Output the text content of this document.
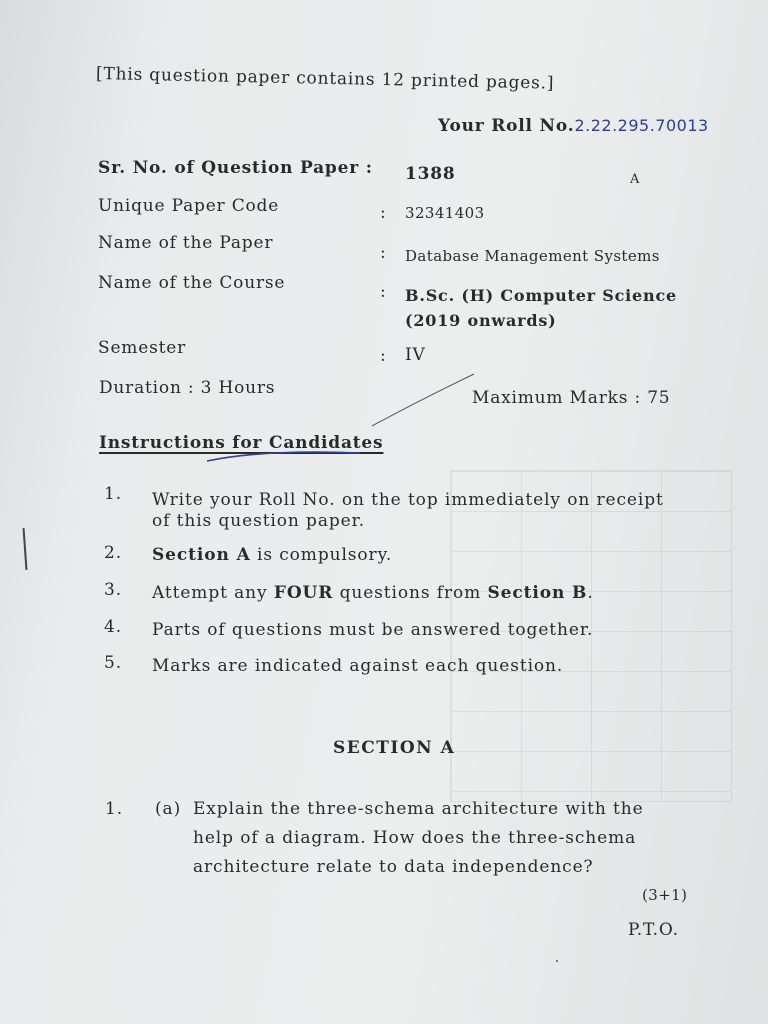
[This question paper contains 12 printed pages.]
Your Roll No.2.22.295.70013
Sr. No. of Question Paper : 1388	A
Unique Paper Code	: 32341403
Name of the Paper	: Database Management Systems
Name of the Course	: B.Sc. (H) Computer Science
(2019 onwards)
Semester	: IV
Duration : 3 Hours	Maximum Marks : 75
Instructions for Candidates
1. Write your Roll No. on the top immediately on receipt
of this question paper.
2. Section A is compulsory.
3. Attempt any FOUR questions from Section B.
4. Parts of questions must be answered together.
5. Marks are indicated against each question.
SECTION A
1. (a) Explain the three-schema architecture with the
help of a diagram. How does the three-schema
architecture relate to data independence?
(3+1)
P.T.O.
